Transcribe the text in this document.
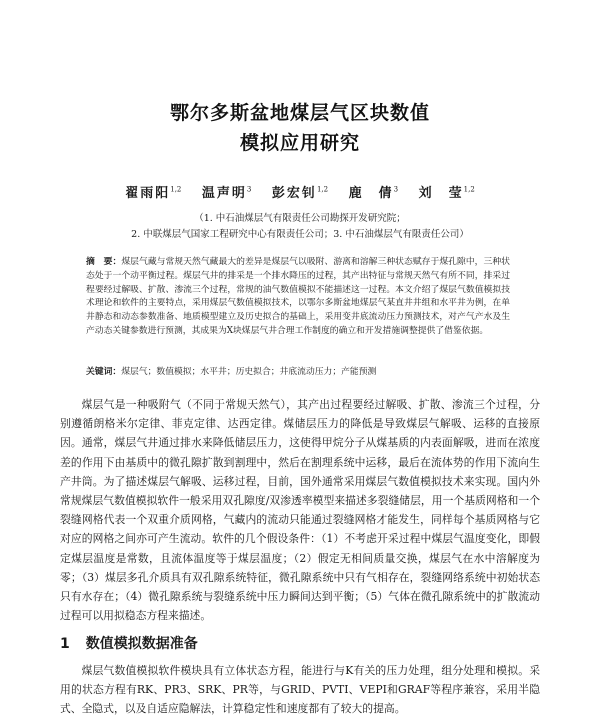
鄂尔多斯盆地煤层气区块数值
模拟应用研究
翟雨阳$^{1,2}$ 温声明$^3$ 彭宏钊$^{1,2}$ 鹿　倩$^3$ 刘　莹$^{1,2}$
（1. 中石油煤层气有限责任公司勘探开发研究院；
2. 中联煤层气国家工程研究中心有限责任公司；3. 中石油煤层气有限责任公司）
摘　要：煤层气藏与常规天然气藏最大的差异是煤层气以吸附、游离和溶解三种状态赋存于煤孔隙中，三种状态处于一个动平衡过程。煤层气井的排采是一个排水降压的过程，其产出特征与常规天然气有所不同，排采过程要经过解吸、扩散、渗流三个过程，常规的油气数值模拟不能描述这一过程。本文介绍了煤层气数值模拟技术理论和软件的主要特点，采用煤层气数值模拟技术，以鄂尔多斯盆地煤层气某直井井组和水平井为例，在单井静态和动态参数准备、地质模型建立及历史拟合的基础上，采用变井底流动压力预测技术，对产气产水及生产动态关键参数进行预测，其成果为X块煤层气井合理工作制度的确立和开发措施调整提供了借鉴依据。
关键词：煤层气；数值模拟；水平井；历史拟合；井底流动压力；产能预测
煤层气是一种吸附气（不同于常规天然气），其产出过程要经过解吸、扩散、渗流三个过程，分别遵循朗格米尔定律、菲克定律、达西定律。煤储层压力的降低是导致煤层气解吸、运移的直接原因。通常，煤层气井通过排水来降低储层压力，这使得甲烷分子从煤基质的内表面解吸，进而在浓度差的作用下由基质中的微孔隙扩散到割理中，然后在割理系统中运移，最后在流体势的作用下流向生产井筒。为了描述煤层气解吸、运移过程，目前，国外通常采用煤层气数值模拟技术来实现。国内外常规煤层气数值模拟软件一般采用双孔隙度/双渗透率模型来描述多裂缝储层，用一个基质网格和一个裂缝网格代表一个双重介质网格，气藏内的流动只能通过裂缝网格才能发生，同样每个基质网格与它对应的网格之间亦可产生流动。软件的几个假设条件：（1）不考虑开采过程中煤层气温度变化，即假定煤层温度是常数，且流体温度等于煤层温度；（2）假定无相间质量交换，煤层气在水中溶解度为零；（3）煤层多孔介质具有双孔隙系统特征，微孔隙系统中只有气相存在，裂缝网络系统中初始状态只有水存在；（4）微孔隙系统与裂缝系统中压力瞬间达到平衡；（5）气体在微孔隙系统中的扩散流动过程可以用拟稳态方程来描述。
1 数值模拟数据准备
煤层气数值模拟软件模块具有立体状态方程，能进行与K有关的压力处理，组分处理和模拟。采用的状态方程有RK、PR3、SRK、PR等，与GRID、PVTI、VEPI和GRAF等程序兼容，采用半隐式、全隐式，以及自适应隐解法，计算稳定性和速度都有了较大的提高。
